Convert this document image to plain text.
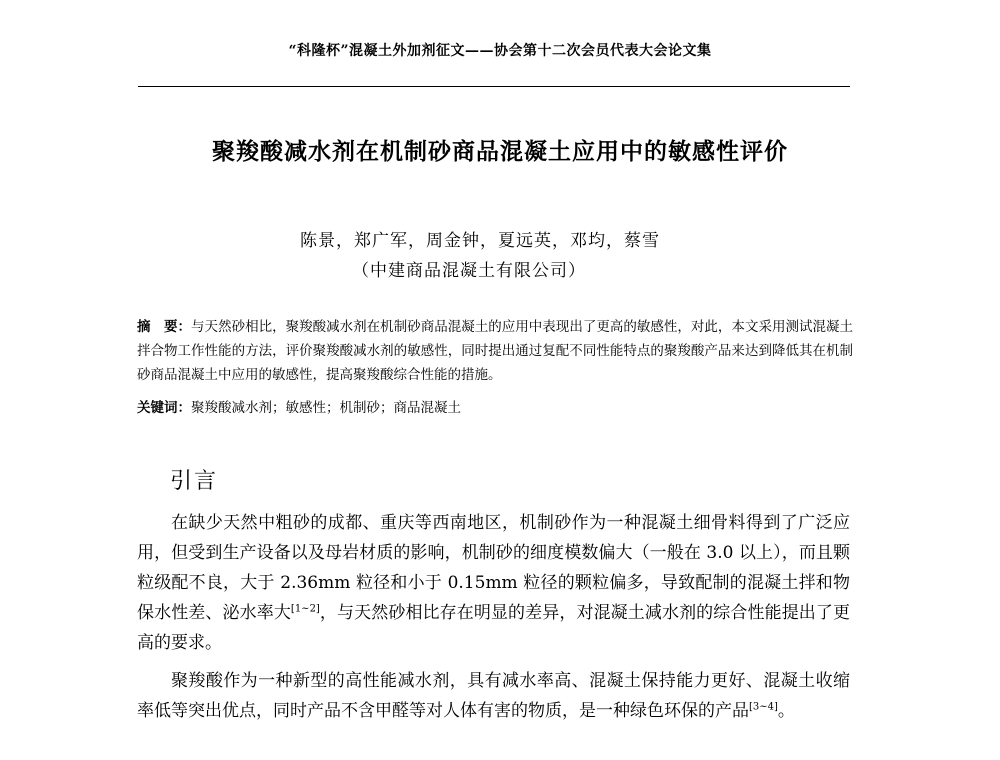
“科隆杯”混凝土外加剂征文——协会第十二次会员代表大会论文集
聚羧酸减水剂在机制砂商品混凝土应用中的敏感性评价
陈景，郑广军，周金钟，夏远英，邓均，蔡雪
（中建商品混凝土有限公司）
摘　要：与天然砂相比，聚羧酸减水剂在机制砂商品混凝土的应用中表现出了更高的敏感性，对此，本文采用测试混凝土拌合物工作性能的方法，评价聚羧酸减水剂的敏感性，同时提出通过复配不同性能特点的聚羧酸产品来达到降低其在机制砂商品混凝土中应用的敏感性，提高聚羧酸综合性能的措施。
关键词：聚羧酸减水剂；敏感性；机制砂；商品混凝土
引言

在缺少天然中粗砂的成都、重庆等西南地区，机制砂作为一种混凝土细骨料得到了广泛应用，但受到生产设备以及母岩材质的影响，机制砂的细度模数偏大（一般在 3.0 以上），而且颗粒级配不良，大于 2.36mm 粒径和小于 0.15mm 粒径的颗粒偏多，导致配制的混凝土拌和物保水性差、泌水率大[1~2]，与天然砂相比存在明显的差异，对混凝土减水剂的综合性能提出了更高的要求。

聚羧酸作为一种新型的高性能减水剂，具有减水率高、混凝土保持能力更好、混凝土收缩率低等突出优点，同时产品不含甲醛等对人体有害的物质，是一种绿色环保的产品[3~4]。
